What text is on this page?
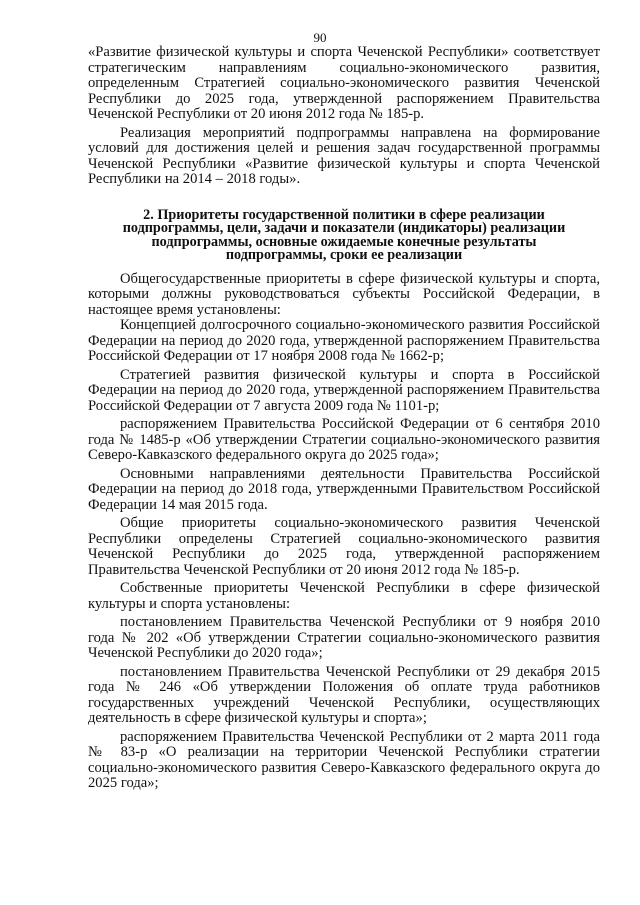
90

«Развитие физической культуры и спорта Чеченской Республики» соответствует стратегическим направлениям социально-экономического развития, определенным Стратегией социально-экономического развития Чеченской Республики до 2025 года, утвержденной распоряжением Правительства Чеченской Республики от 20 июня 2012 года № 185-р.

Реализация мероприятий подпрограммы направлена на формирование условий для достижения целей и решения задач государственной программы Чеченской Республики «Развитие физической культуры и спорта Чеченской Республики на 2014 – 2018 годы».

2. Приоритеты государственной политики в сфере реализации
подпрограммы, цели, задачи и показатели (индикаторы) реализации
подпрограммы, основные ожидаемые конечные результаты
подпрограммы, сроки ее реализации

Общегосударственные приоритеты в сфере физической культуры и спорта, которыми должны руководствоваться субъекты Российской Федерации, в настоящее время установлены:

Концепцией долгосрочного социально-экономического развития Российской Федерации на период до 2020 года, утвержденной распоряжением Правительства Российской Федерации от 17 ноября 2008 года № 1662-р;

Стратегией развития физической культуры и спорта в Российской Федерации на период до 2020 года, утвержденной распоряжением Правительства Российской Федерации от 7 августа 2009 года № 1101-р;

распоряжением Правительства Российской Федерации от 6 сентября 2010 года № 1485-р «Об утверждении Стратегии социально-экономического развития Северо-Кавказского федерального округа до 2025 года»;

Основными направлениями деятельности Правительства Российской Федерации на период до 2018 года, утвержденными Правительством Российской Федерации 14 мая 2015 года.

Общие приоритеты социально-экономического развития Чеченской Республики определены Стратегией социально-экономического развития Чеченской Республики до 2025 года, утвержденной распоряжением Правительства Чеченской Республики от 20 июня 2012 года № 185-р.

Собственные приоритеты Чеченской Республики в сфере физической культуры и спорта установлены:

постановлением Правительства Чеченской Республики от 9 ноября 2010 года № 202 «Об утверждении Стратегии социально-экономического развития Чеченской Республики до 2020 года»;

постановлением Правительства Чеченской Республики от 29 декабря 2015 года № 246 «Об утверждении Положения об оплате труда работников государственных учреждений Чеченской Республики, осуществляющих деятельность в сфере физической культуры и спорта»;

распоряжением Правительства Чеченской Республики от 2 марта 2011 года № 83-р «О реализации на территории Чеченской Республики стратегии социально-экономического развития Северо-Кавказского федерального округа до 2025 года»;
